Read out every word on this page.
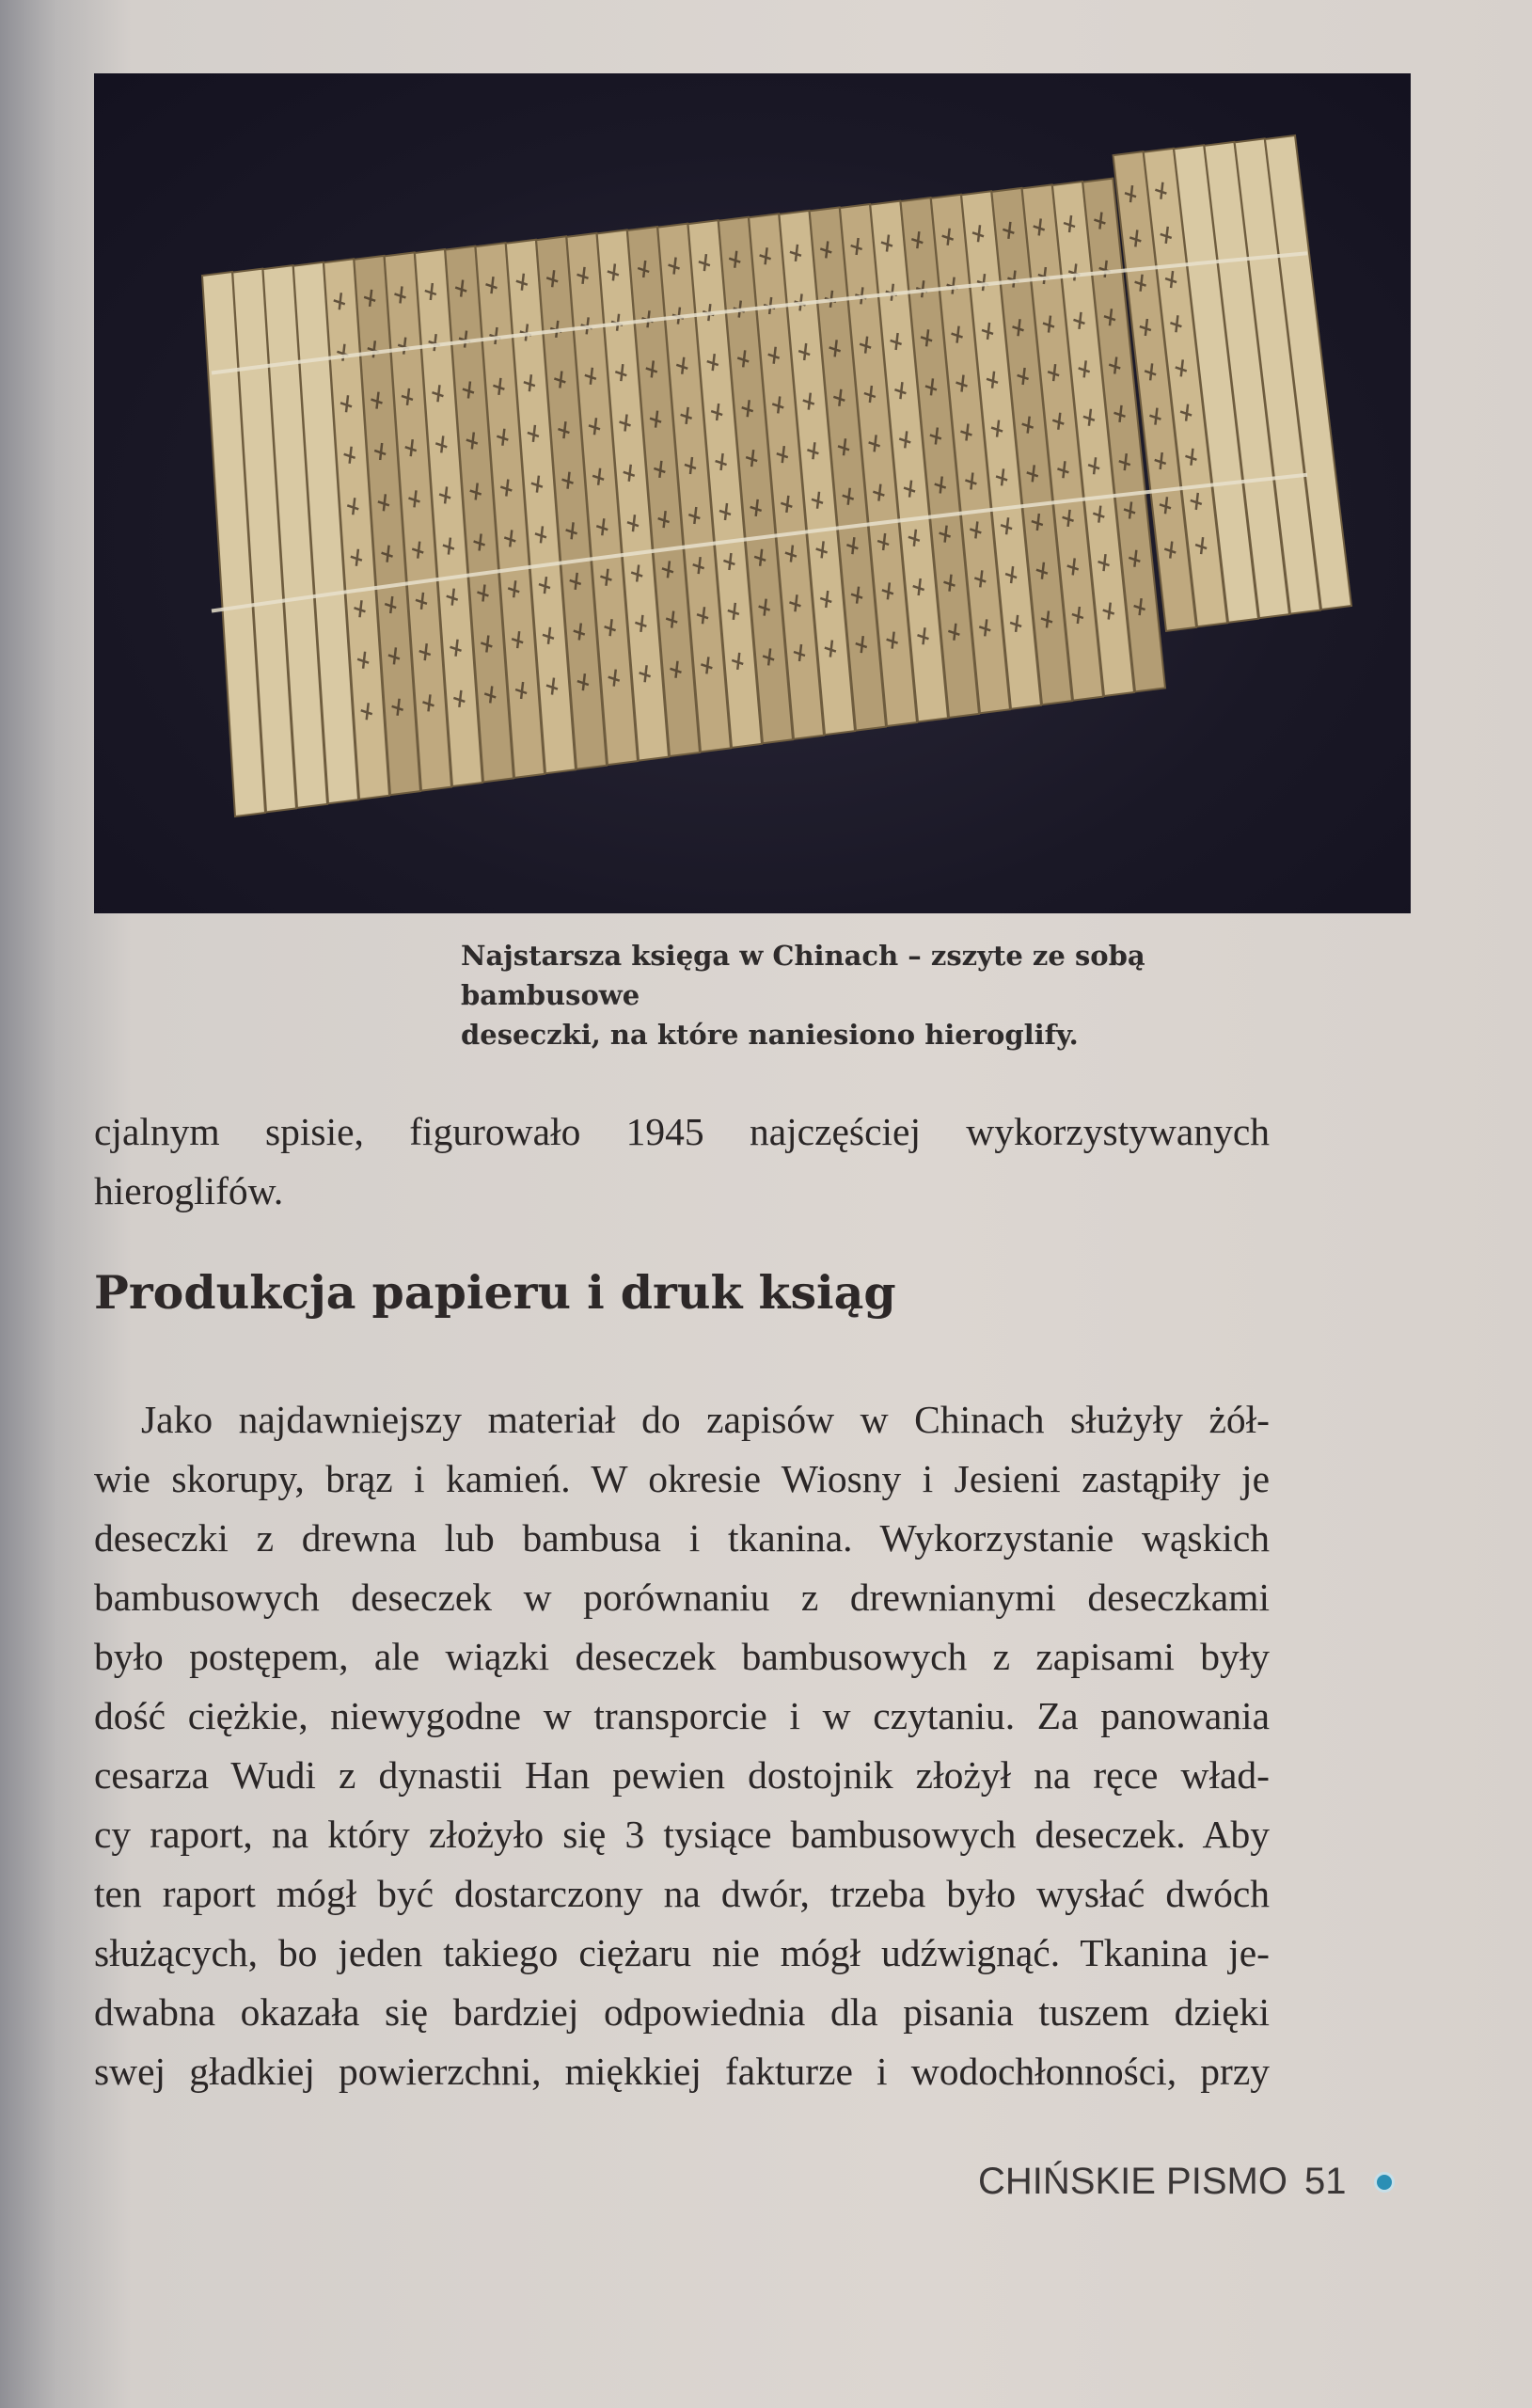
Najstarsza księga w Chinach – zszyte ze sobą bambusowe
deseczki, na które naniesiono hieroglify.
cjalnym spisie, figurowało 1945 najczęściej wykorzystywanych
hieroglifów.
Produkcja papieru i druk ksiąg
Jako najdawniejszy materiał do zapisów w Chinach służyły żół-
wie skorupy, brąz i kamień. W okresie Wiosny i Jesieni zastąpiły je
deseczki z drewna lub bambusa i tkanina. Wykorzystanie wąskich
bambusowych deseczek w porównaniu z drewnianymi deseczkami
było postępem, ale wiązki deseczek bambusowych z zapisami były
dość ciężkie, niewygodne w transporcie i w czytaniu. Za panowania
cesarza Wudi z dynastii Han pewien dostojnik złożył na ręce wład-
cy raport, na który złożyło się 3 tysiące bambusowych deseczek. Aby
ten raport mógł być dostarczony na dwór, trzeba było wysłać dwóch
służących, bo jeden takiego ciężaru nie mógł udźwignąć. Tkanina je-
dwabna okazała się bardziej odpowiednia dla pisania tuszem dzięki
swej gładkiej powierzchni, miękkiej fakturze i wodochłonności, przy
CHIŃSKIE PISMO 51
